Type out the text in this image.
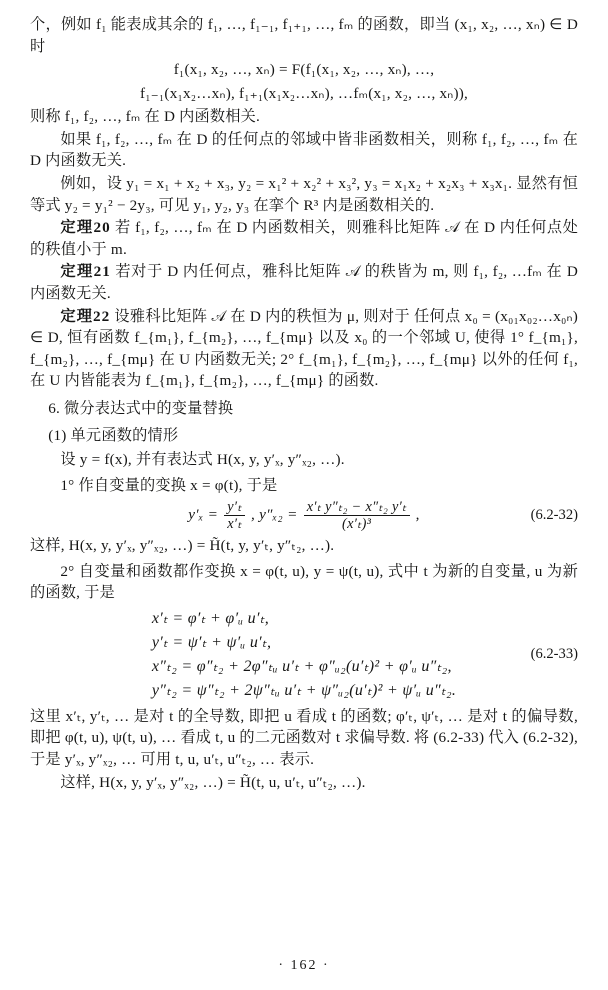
个，例如 f₁ 能表成其余的 f₁, …, f₁₋₁, f₁₊₁, …, fₘ 的函数，即当 (x₁, x₂, …, xₙ) ∈ D 时

f₁(x₁, x₂, …, xₙ) = F(f₁(x₁, x₂, …, xₙ), …,

f₁₋₁(x₁x₂…xₙ), f₁₊₁(x₁x₂…xₙ), …fₘ(x₁, x₂, …, xₙ)),

则称 f₁, f₂, …, fₘ 在 D 内函数相关.

如果 f₁, f₂, …, fₘ 在 D 的任何点的邻域中皆非函数相关，则称 f₁, f₂, …, fₘ 在 D 内函数无关.

例如，设 y₁ = x₁ + x₂ + x₃, y₂ = x₁² + x₂² + x₃², y₃ = x₁x₂ + x₂x₃ + x₃x₁. 显然有恒等式 y₂ = y₁² − 2y₃, 可见 y₁, y₂, y₃ 在挛个 R³ 内是函数相关的.

定理20 若 f₁, f₂, …, fₘ 在 D 内函数相关，则雅科比矩阵 𝒜 在 D 内任何点处的秩值小于 m.

定理21 若对于 D 内任何点，雅科比矩阵 𝒜 的秩皆为 m, 则 f₁, f₂, …fₘ 在 D 内函数无关.

定理22 设雅科比矩阵 𝒜 在 D 内的秩恒为 μ, 则对于 任何点 x₀ = (x₀₁x₀₂…x₀ₙ) ∈ D, 恒有函数 f_{m₁}, f_{m₂}, …, f_{mμ} 以及 x₀ 的一个邻域 U, 使得 1° f_{m₁}, f_{m₂}, …, f_{mμ} 在 U 内函数无关; 2° f_{m₁}, f_{m₂}, …, f_{mμ} 以外的任何 f₁, 在 U 内皆能表为 f_{m₁}, f_{m₂}, …, f_{mμ} 的函数.

6. 微分表达式中的变量替换

(1) 单元函数的情形

设 y = f(x), 并有表达式 H(x, y, y′ₓ, y″ₓ₂, …).

1° 作自变量的变换 x = φ(t), 于是

$y'_x = \frac{\text{y′ₜ}}{\text{x′ₜ}}$ , $y''_{x2} = \frac{\text{x′ₜ y″ₜ₂ − x″ₜ₂ y′ₜ}}{\text{(x′ₜ)³}}$ ,	(6.2-32)

这样, H(x, y, y′ₓ, y″ₓ₂, …) = H̃(t, y, y′ₜ, y″ₜ₂, …).

2° 自变量和函数都作变换 x = φ(t, u), y = ψ(t, u), 式中 t 为新的自变量, u 为新的函数, 于是

x′ₜ = φ′ₜ + φ′ᵤ u′ₜ,
y′ₜ = ψ′ₜ + ψ′ᵤ u′ₜ,
x″ₜ₂ = φ″ₜ₂ + 2φ″ₜᵤ u′ₜ + φ″ᵤ₂(u′ₜ)² + φ′ᵤ u″ₜ₂,
y″ₜ₂ = ψ″ₜ₂ + 2ψ″ₜᵤ u′ₜ + ψ″ᵤ₂(u′ₜ)² + ψ′ᵤ u″ₜ₂.
(6.2-33)

这里 x′ₜ, y′ₜ, … 是对 t 的全导数, 即把 u 看成 t 的函数; φ′ₜ, ψ′ₜ, … 是对 t 的偏导数, 即把 φ(t, u), ψ(t, u), … 看成 t, u 的二元函数对 t 求偏导数. 将 (6.2-33) 代入 (6.2-32), 于是 y′ₓ, y″ₓ₂, … 可用 t, u, u′ₜ, u″ₜ₂, … 表示.

这样, H(x, y, y′ₓ, y″ₓ₂, …) = H̃(t, u, u′ₜ, u″ₜ₂, …).

· 162 ·
